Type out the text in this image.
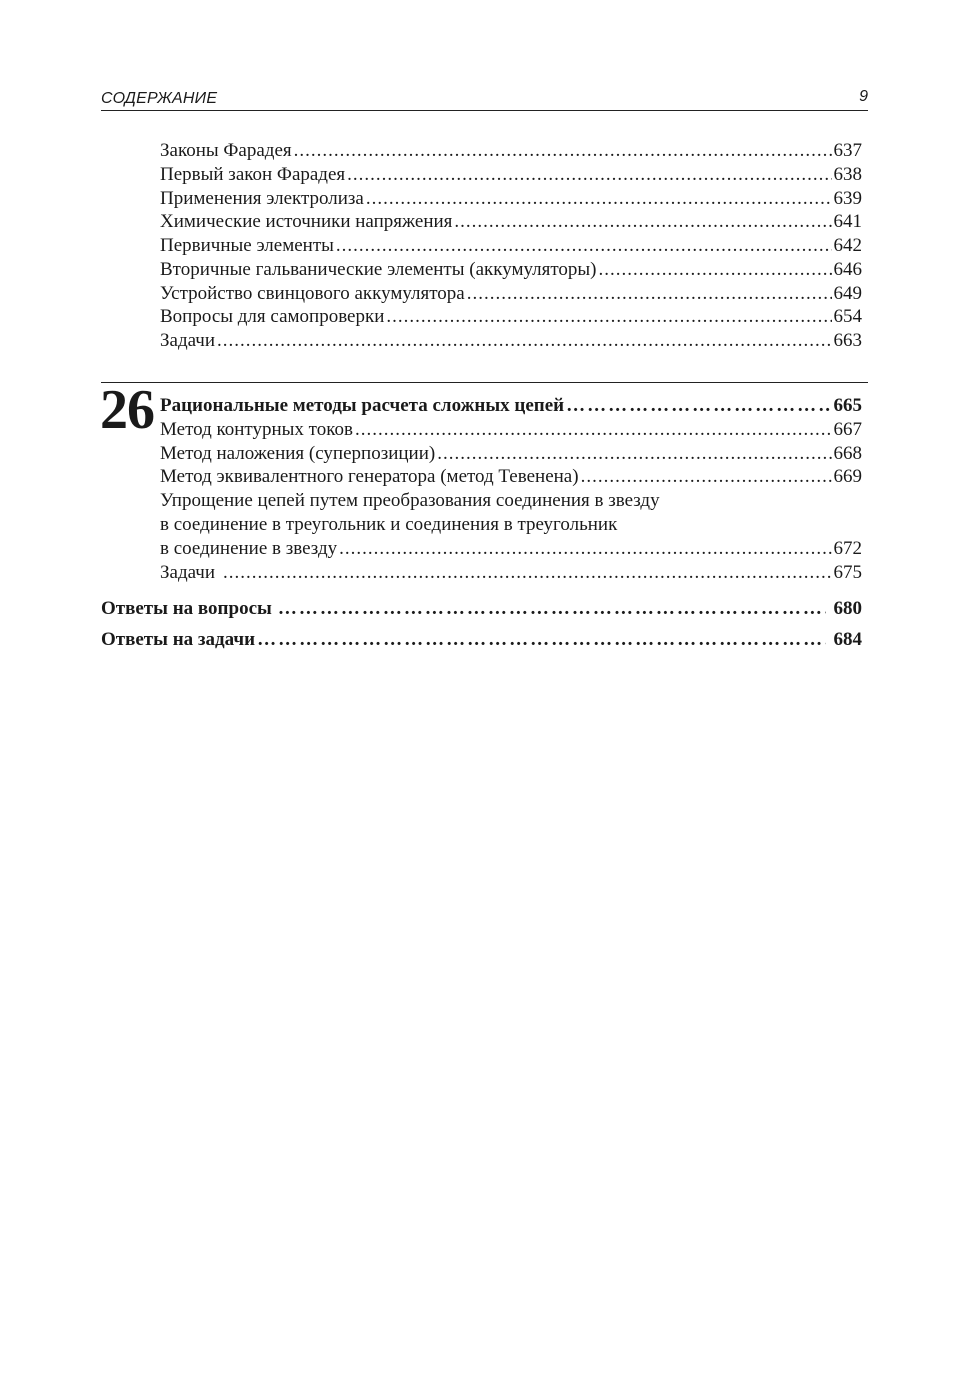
СОДЕРЖАНИЕ	9
Законы Фарадея .....	637
Первый закон Фарадея .....	638
Применения электролиза .....	639
Химические источники напряжения .....	641
Первичные элементы .....	642
Вторичные гальванические элементы (аккумуляторы) .....	646
Устройство свинцового аккумулятора .....	649
Вопросы для самопроверки .....	654
Задачи .....	663
26 Рациональные методы расчета сложных цепей ……………………………………………………………………………………………………………………………………………………………………………………………………………………………	665
Метод контурных токов .....	667
Метод наложения (суперпозиции) .....	668
Метод эквивалентного генератора (метод Тевенена) .....	669
Упрощение цепей путем преобразования соединения в звезду
в соединение в треугольник и соединения в треугольник
в соединение в звезду .....	672
Задачи .....	675
Ответы на вопросы ……………………………………………………………………………………………………………………………………………………………………………………………………………………………	680
Ответы на задачи ……………………………………………………………………………………………………………………………………………………………………………………………………………………………	684
